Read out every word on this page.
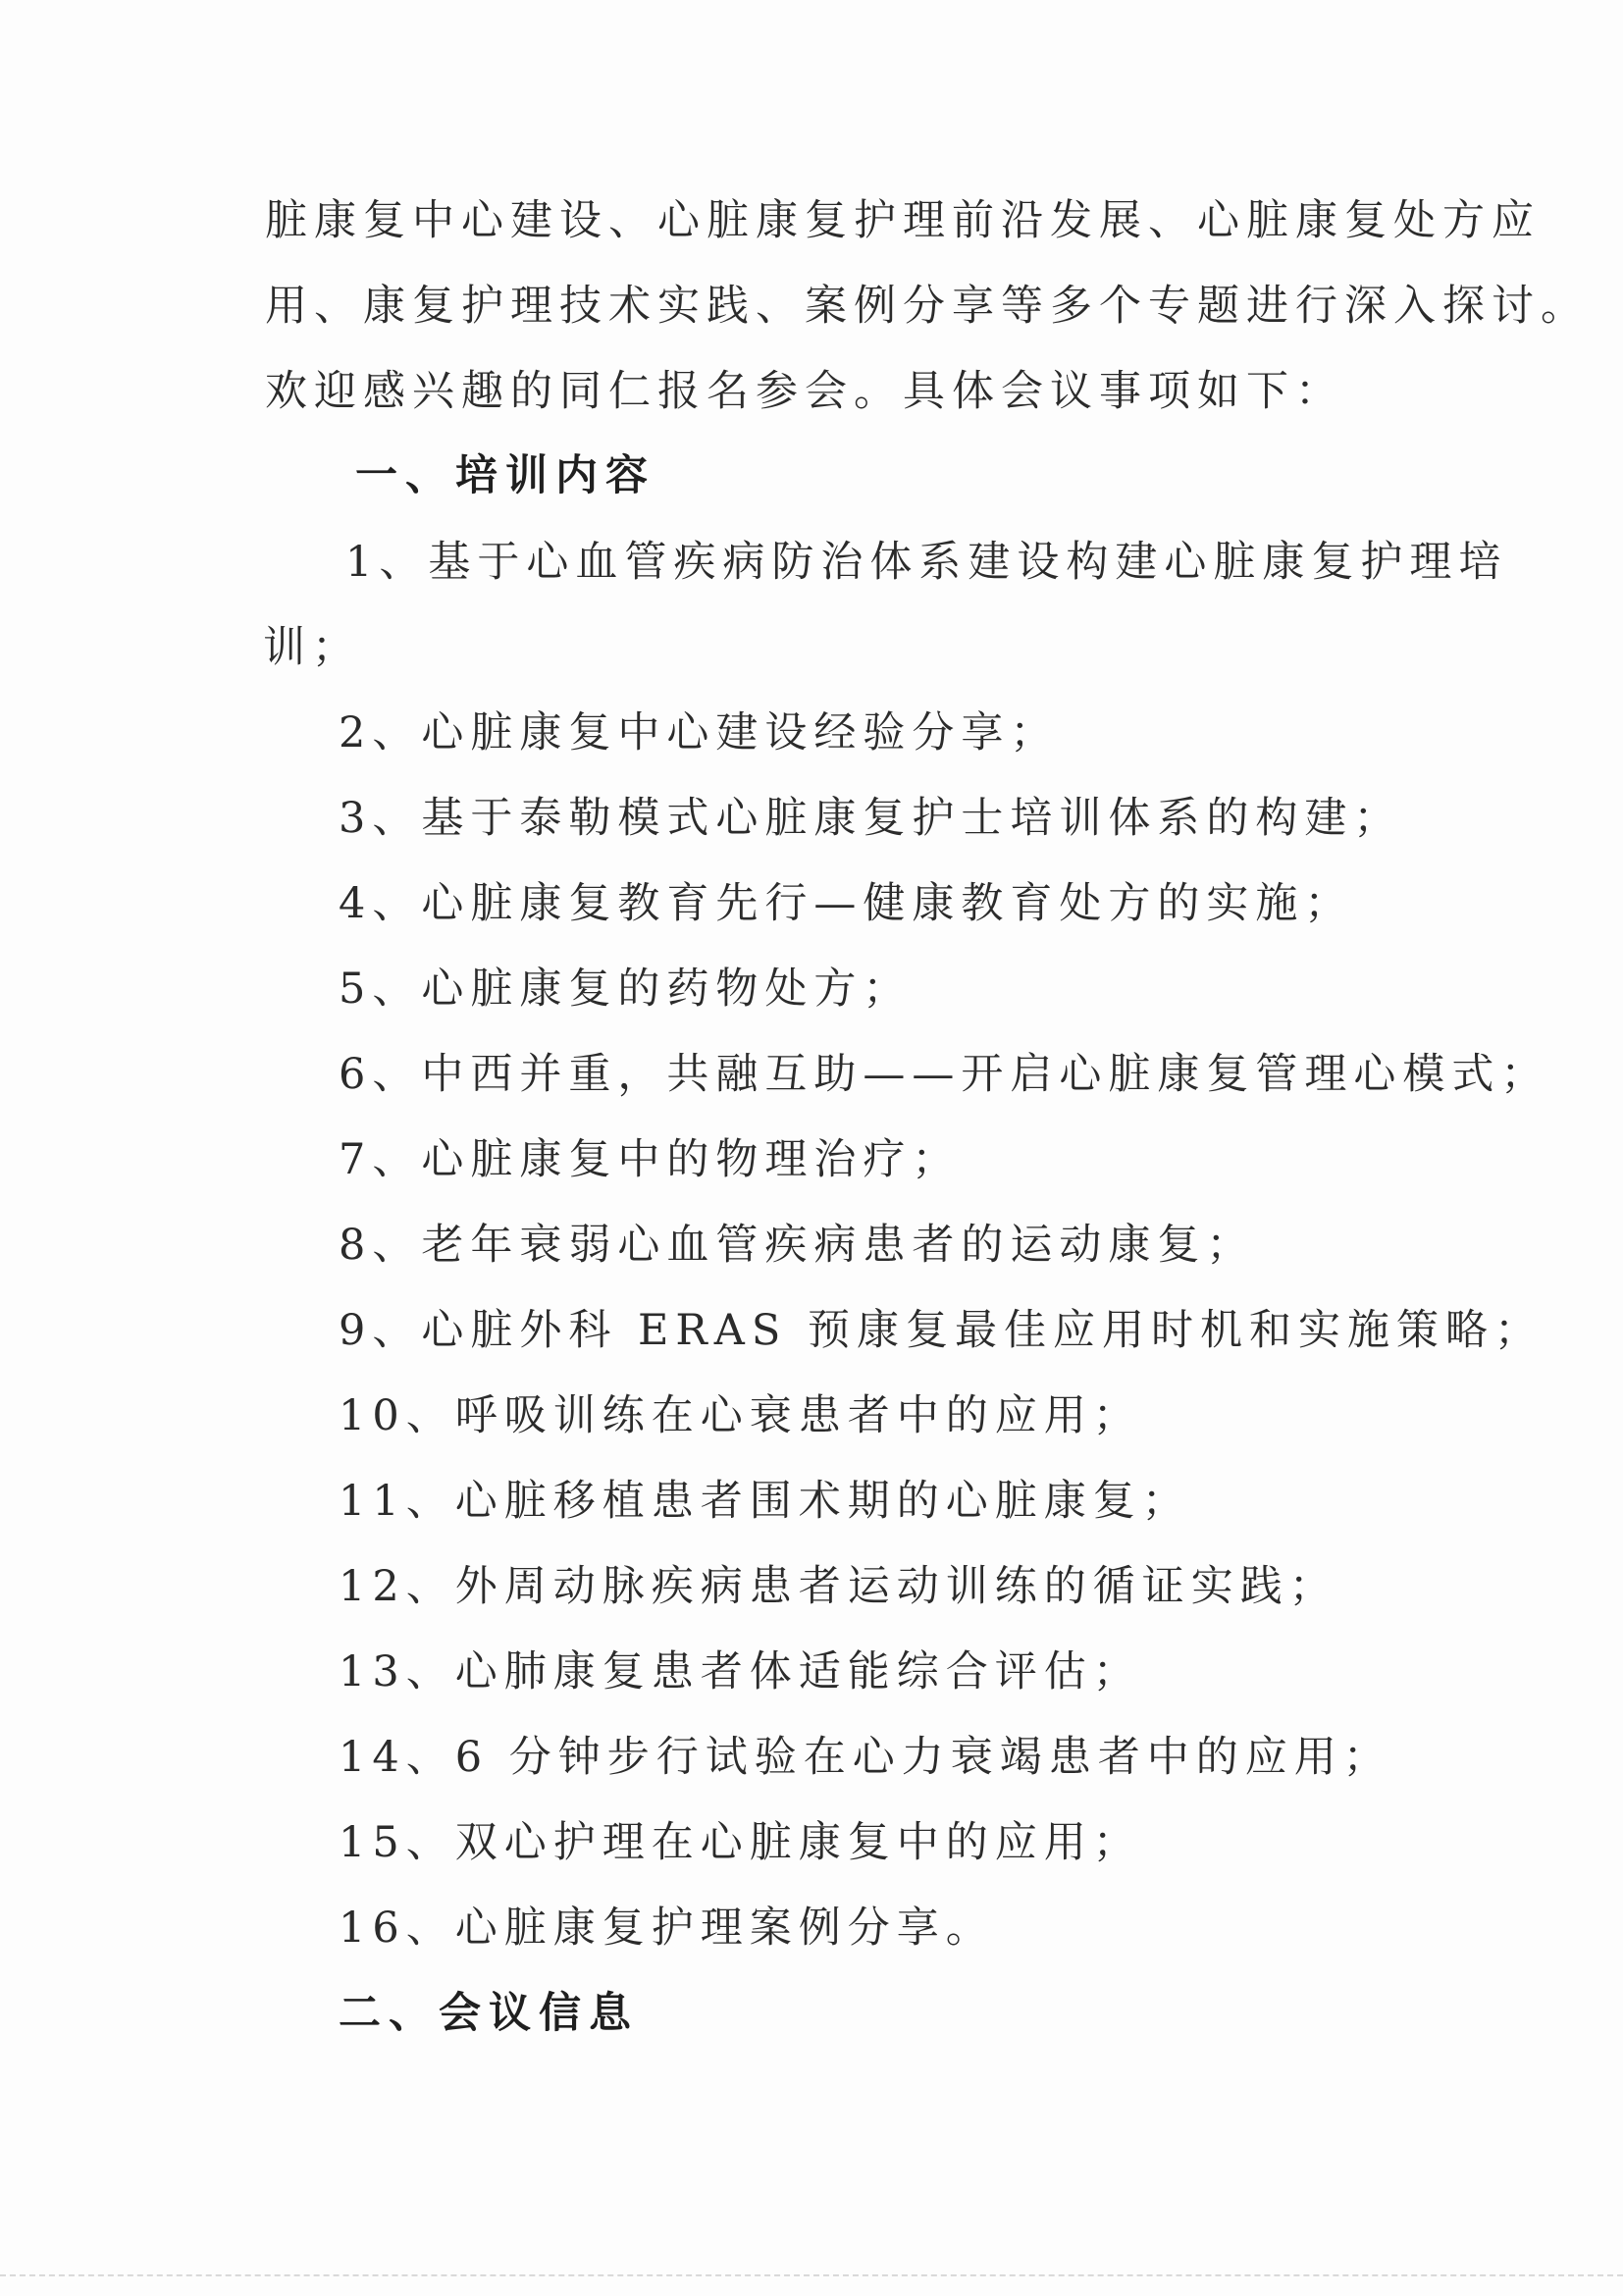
脏康复中心建设、心脏康复护理前沿发展、心脏康复处方应
用、康复护理技术实践、案例分享等多个专题进行深入探讨。
欢迎感兴趣的同仁报名参会。具体会议事项如下：
一、培训内容
1、基于心血管疾病防治体系建设构建心脏康复护理培
训；
2、心脏康复中心建设经验分享；
3、基于泰勒模式心脏康复护士培训体系的构建；
4、心脏康复教育先行—健康教育处方的实施；
5、心脏康复的药物处方；
6、中西并重，共融互助——开启心脏康复管理心模式；
7、心脏康复中的物理治疗；
8、老年衰弱心血管疾病患者的运动康复；
9、心脏外科 ERAS 预康复最佳应用时机和实施策略；
10、呼吸训练在心衰患者中的应用；
11、心脏移植患者围术期的心脏康复；
12、外周动脉疾病患者运动训练的循证实践；
13、心肺康复患者体适能综合评估；
14、6 分钟步行试验在心力衰竭患者中的应用；
15、双心护理在心脏康复中的应用；
16、心脏康复护理案例分享。
二、会议信息
